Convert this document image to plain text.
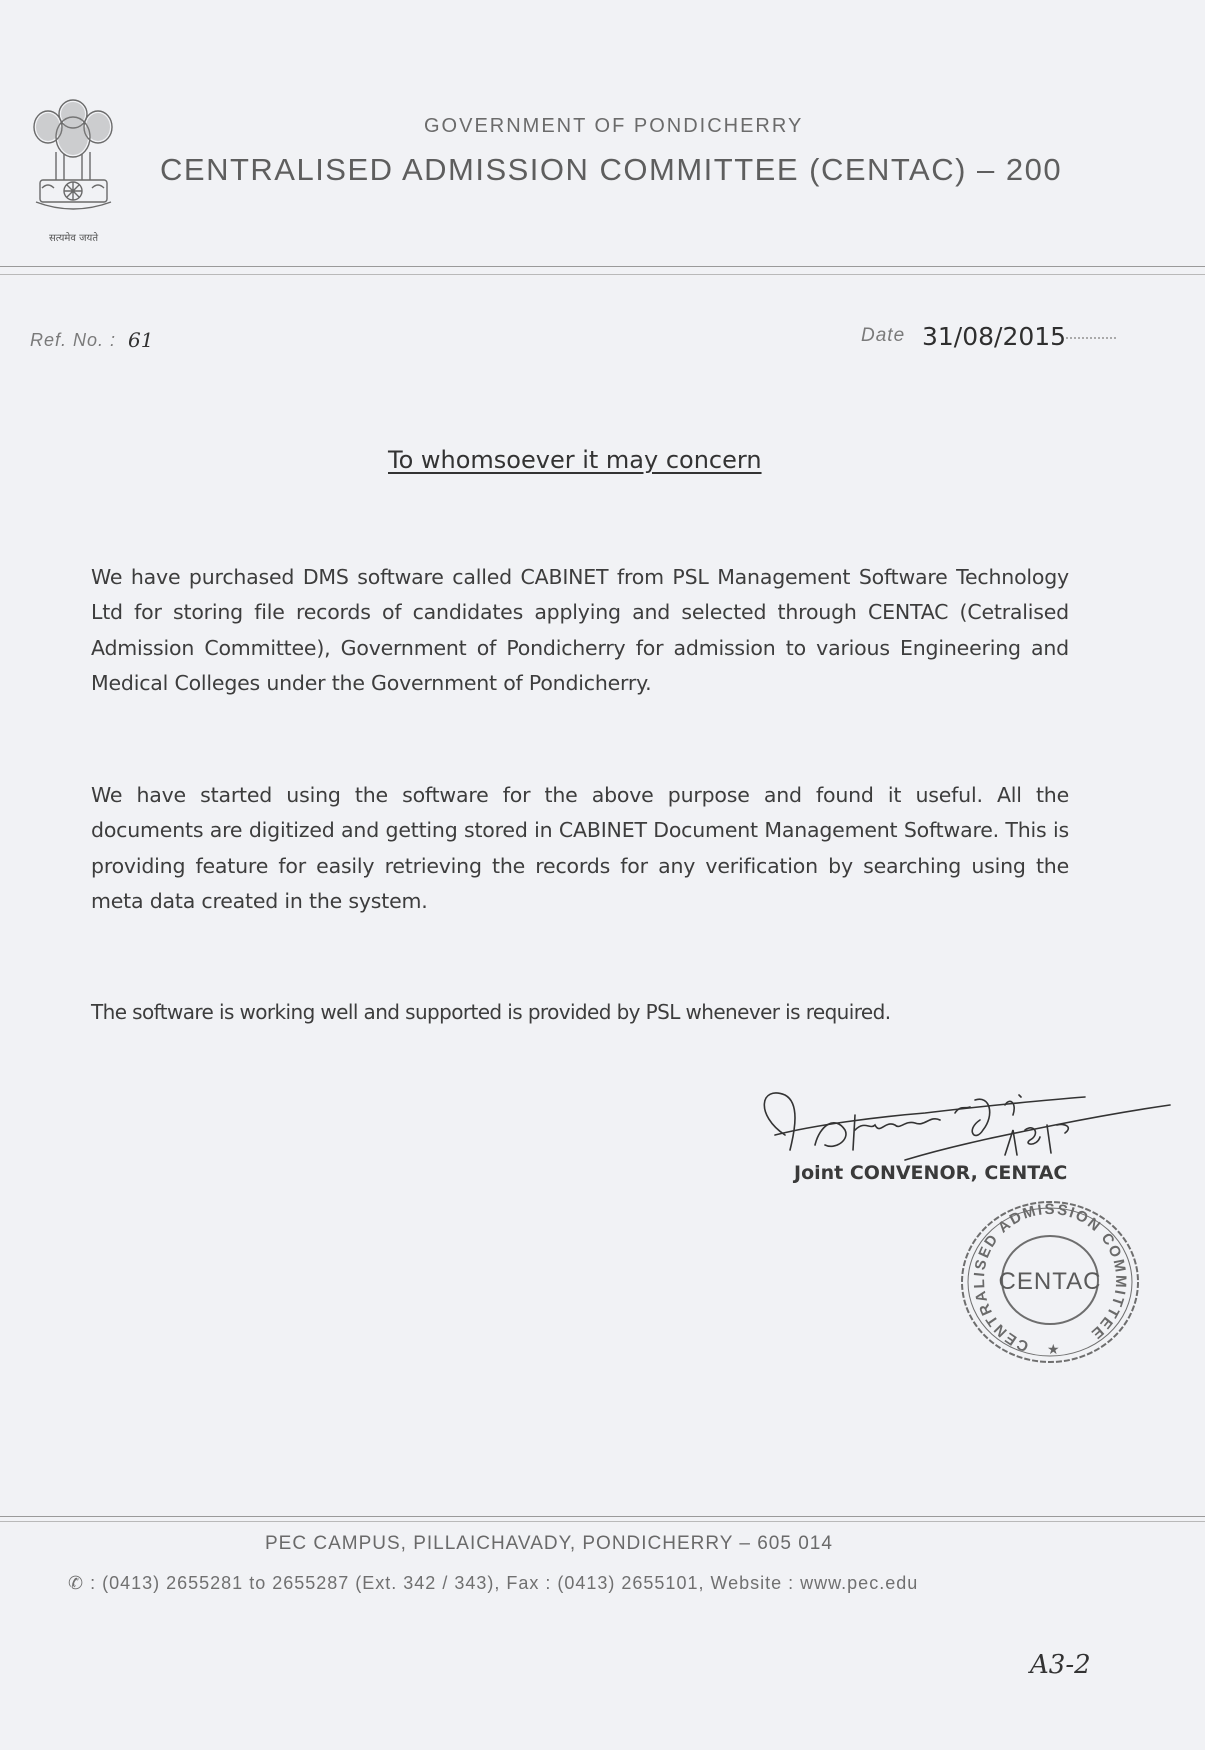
सत्यमेव जयते
GOVERNMENT OF PONDICHERRY
CENTRALISED ADMISSION COMMITTEE (CENTAC) – 200
Ref. No. : 61	Date 31/08/2015
To whomsoever it may concern
We have purchased DMS software called CABINET from PSL Management Software Technology Ltd for storing file records of candidates applying and selected through CENTAC (Cetralised Admission Committee), Government of Pondicherry for admission to various Engineering and Medical Colleges under the Government of Pondicherry.
We have started using the software for the above purpose and found it useful. All the documents are digitized and getting stored in CABINET Document Management Software. This is providing feature for easily retrieving the records for any verification by searching using the meta data created in the system.
The software is working well and supported is provided by PSL whenever is required.
Joint CONVENOR, CENTAC
CENTRALISED ADMISSION COMMITTEE
CENTAC
★
PEC CAMPUS, PILLAICHAVADY, PONDICHERRY – 605 014
✆ : (0413) 2655281 to 2655287 (Ext. 342 / 343), Fax : (0413) 2655101, Website : www.pec.edu
A3-2
